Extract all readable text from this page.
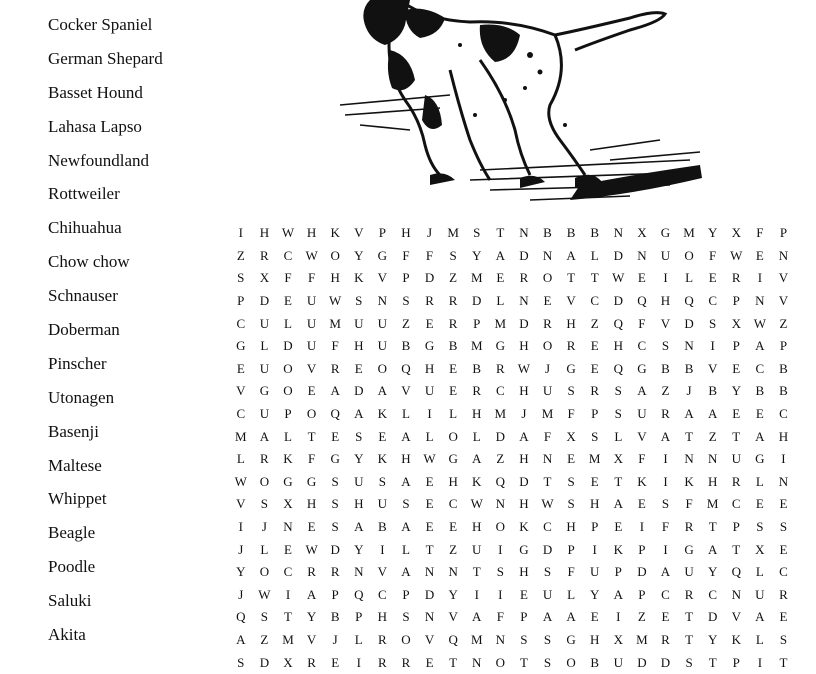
Cocker Spaniel
German Shepard
Basset Hound
Lahasa Lapso
Newfoundland
Rottweiler
Chihuahua
Chow chow
Schnauser
Doberman
Pinscher
Utonagen
Basenji
Maltese
Whippet
Beagle
Poodle
Saluki
Akita
I	H W H	K	V	P	H	J	M	S	T	N	B	B	B	N	X	G	M	Y	X	F	P
Z	R	C	W O	Y	G	F	F	S	Y	A	D	N	A	L	D	N	U	O	F	W	E	N
S	X	F	F	H	K	V	P	D	Z	M	E	R	O	T	T	W	E	I	L	E	R	I	V
P	D	E	U W	S	N	S	R	R	D	L	N	E	V	C	D	Q	H	Q	C	P	N	V
C	U	L	U	M	U	U	Z	E	R	P	M	D	R	H	Z	Q	F	V	D	S	X W	Z
G	L	D	U	F	H	U	B	G	B	M	G	H	O	R	E	H	C	S	N	I	P	A	P
E	U	O	V	R	E	O	Q	H	E	B	R	W	J	G	E	Q	G	B	B	V	E	C	B
V	G	O	E	A	D	A	V	U	E	R	C	H	U	S	R	S	A	Z	J	B	Y	B	B
C	U	P	O	Q	A	K	L	I	L	H	M	J	M	F	P	S	U	R	A	A	E	E	C
M	A	L	T	E	S	E	A	L	O	L	D	A	F	X	S	L	V	A	T	Z	T	A	H
L	R	K	F	G	Y	K	H W G	A	Z	H	N	E	M	X	F	I	N	N	U	G	I
W O	G	G	S	U	S	A	E	H	K	Q	D	T	S	E	T	K	I	K	H	R	L	N
V	S	X	H	S	H	U	S	E	C	W N	H W	S	H	A	E	S	F	M	C	E	E
I	J	N	E	S	A	B	A	E	E	H	O	K	C	H	P	E	I	F	R	T	P	S	S
J	L	E	W D	Y	I	L	T	Z	U	I	G	D	P	I	K	P	I	G	A	T	X	E
Y	O	C	R	R	N	V	A	N	N	T	S	H	S	F	U	P	D	A	U	Y	Q	L	C
J	W	I	A	P	Q	C	P	D	Y	I	I	E	U	L	Y	A	P	C	R	C	N	U	R
Q	S	T	Y	B	P	H	S	N	V	A	F	P	A	A	E	I	Z	E	T	D	V	A	E
A	Z	M	V	J	L	R	O	V	Q	M	N	S	S	G	H	X	M	R	T	Y	K	L	S
S	D	X	R	E	I	R	R	E	T	N	O	T	S	O	B	U	D	D	S	T	P	I	T
